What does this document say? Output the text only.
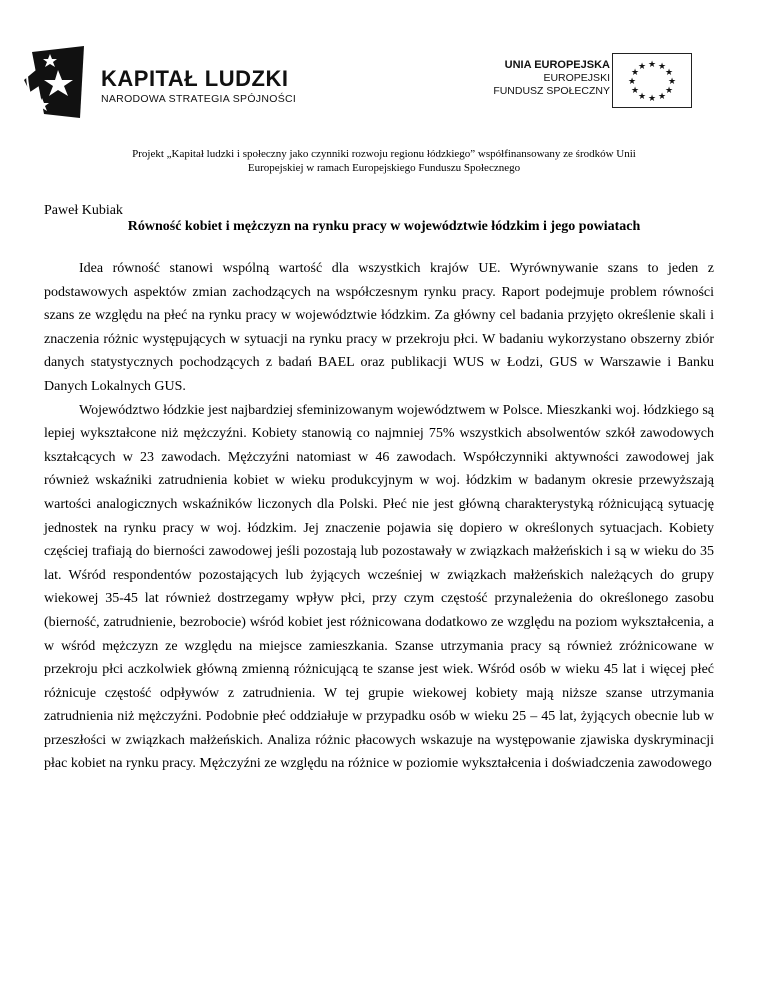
KAPITAŁ LUDZKI
NARODOWA STRATEGIA SPÓJNOŚCI
UNIA EUROPEJSKA
EUROPEJSKI
FUNDUSZ SPOŁECZNY
★ ★
★
★
★
★
★
★
★
★
★
★
Projekt „Kapitał ludzki i społeczny jako czynniki rozwoju regionu łódzkiego” współfinansowany ze środków Unii
Europejskiej w ramach Europejskiego Funduszu Społecznego
Paweł Kubiak
Równość kobiet i mężczyzn na rynku pracy w województwie łódzkim i jego powiatach

Idea równość stanowi wspólną wartość dla wszystkich krajów UE. Wyrównywanie szans to jeden z podstawowych aspektów zmian zachodzących na współczesnym rynku pracy. Raport podejmuje problem równości szans ze względu na płeć na rynku pracy w województwie łódzkim. Za główny cel badania przyjęto określenie skali i znaczenia różnic występujących w sytuacji na rynku pracy w przekroju płci. W badaniu wykorzystano obszerny zbiór danych statystycznych pochodzących z badań BAEL oraz publikacji WUS w Łodzi, GUS w Warszawie i Banku Danych Lokalnych GUS.

Województwo łódzkie jest najbardziej sfeminizowanym województwem w Polsce. Mieszkanki woj. łódzkiego są lepiej wykształcone niż mężczyźni. Kobiety stanowią co najmniej 75% wszystkich absolwentów szkół zawodowych kształcących w 23 zawodach. Mężczyźni natomiast w 46 zawodach. Współczynniki aktywności zawodowej jak również wskaźniki zatrudnienia kobiet w wieku produkcyjnym w woj. łódzkim w badanym okresie przewyższają wartości analogicznych wskaźników liczonych dla Polski. Płeć nie jest główną charakterystyką różnicującą sytuację jednostek na rynku pracy w woj. łódzkim. Jej znaczenie pojawia się dopiero w określonych sytuacjach. Kobiety częściej trafiają do bierności zawodowej jeśli pozostają lub pozostawały w związkach małżeńskich i są w wieku do 35 lat. Wśród respondentów pozostających lub żyjących wcześniej w związkach małżeńskich należących do grupy wiekowej 35-45 lat również dostrzegamy wpływ płci, przy czym częstość przynależenia do określonego zasobu (bierność, zatrudnienie, bezrobocie) wśród kobiet jest różnicowana dodatkowo ze względu na poziom wykształcenia, a w wśród mężczyzn ze względu na miejsce zamieszkania. Szanse utrzymania pracy są również zróżnicowane w przekroju płci aczkolwiek główną zmienną różnicującą te szanse jest wiek. Wśród osób w wieku 45 lat i więcej płeć różnicuje częstość odpływów z zatrudnienia. W tej grupie wiekowej kobiety mają niższe szanse utrzymania zatrudnienia niż mężczyźni. Podobnie płeć oddziałuje w przypadku osób w wieku 25 – 45 lat, żyjących obecnie lub w przeszłości w związkach małżeńskich. Analiza różnic płacowych wskazuje na występowanie zjawiska dyskryminacji płac kobiet na rynku pracy. Mężczyźni ze względu na różnice w poziomie wykształcenia i doświadczenia zawodowego
